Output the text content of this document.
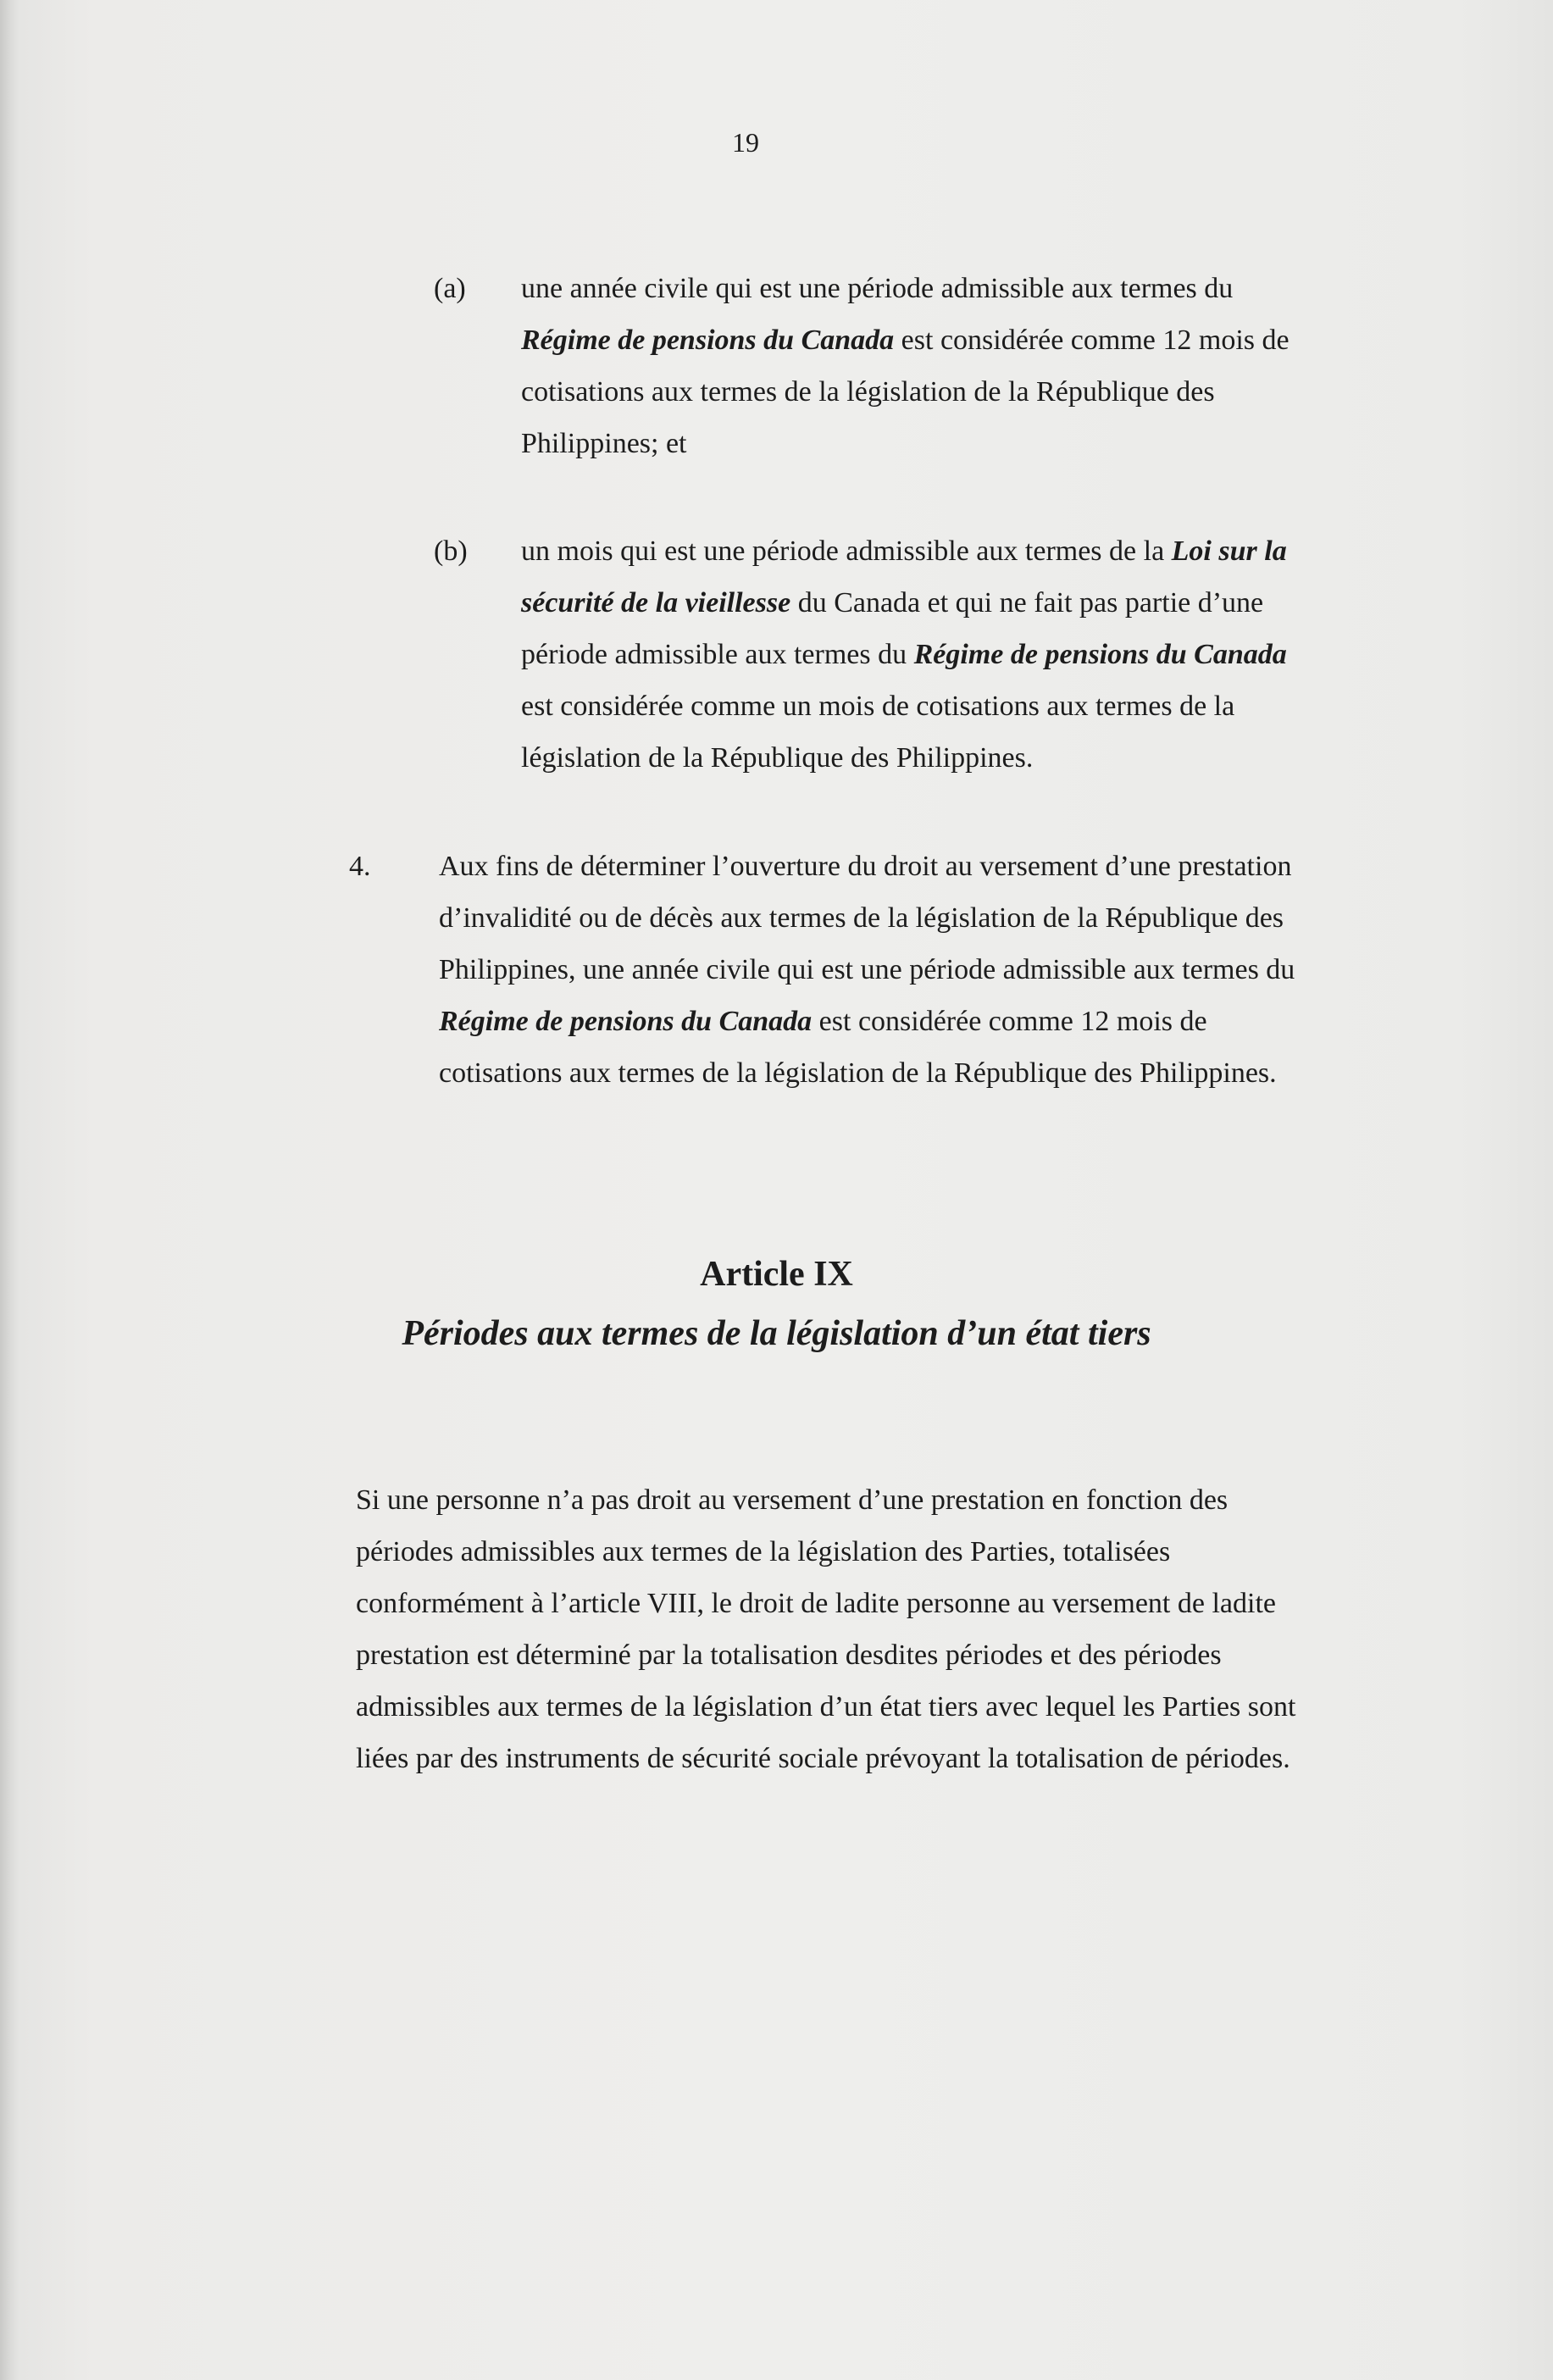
19
(a) une année civile qui est une période admissible aux termes du Régime de pensions du Canada est considérée comme 12 mois de cotisations aux termes de la législation de la République des Philippines; et

(b) un mois qui est une période admissible aux termes de la Loi sur la sécurité de la vieillesse du Canada et qui ne fait pas partie d’une période admissible aux termes du Régime de pensions du Canada est considérée comme un mois de cotisations aux termes de la législation de la République des Philippines.

4. Aux fins de déterminer l’ouverture du droit au versement d’une prestation d’invalidité ou de décès aux termes de la législation de la République des Philippines, une année civile qui est une période admissible aux termes du Régime de pensions du Canada est considérée comme 12 mois de cotisations aux termes de la législation de la République des Philippines.

Article IX
Périodes aux termes de la législation d’un état tiers

Si une personne n’a pas droit au versement d’une prestation en fonction des périodes admissibles aux termes de la législation des Parties, totalisées conformément à l’article VIII, le droit de ladite personne au versement de ladite prestation est déterminé par la totalisation desdites périodes et des périodes admissibles aux termes de la législation d’un état tiers avec lequel les Parties sont liées par des instruments de sécurité sociale prévoyant la totalisation de périodes.
